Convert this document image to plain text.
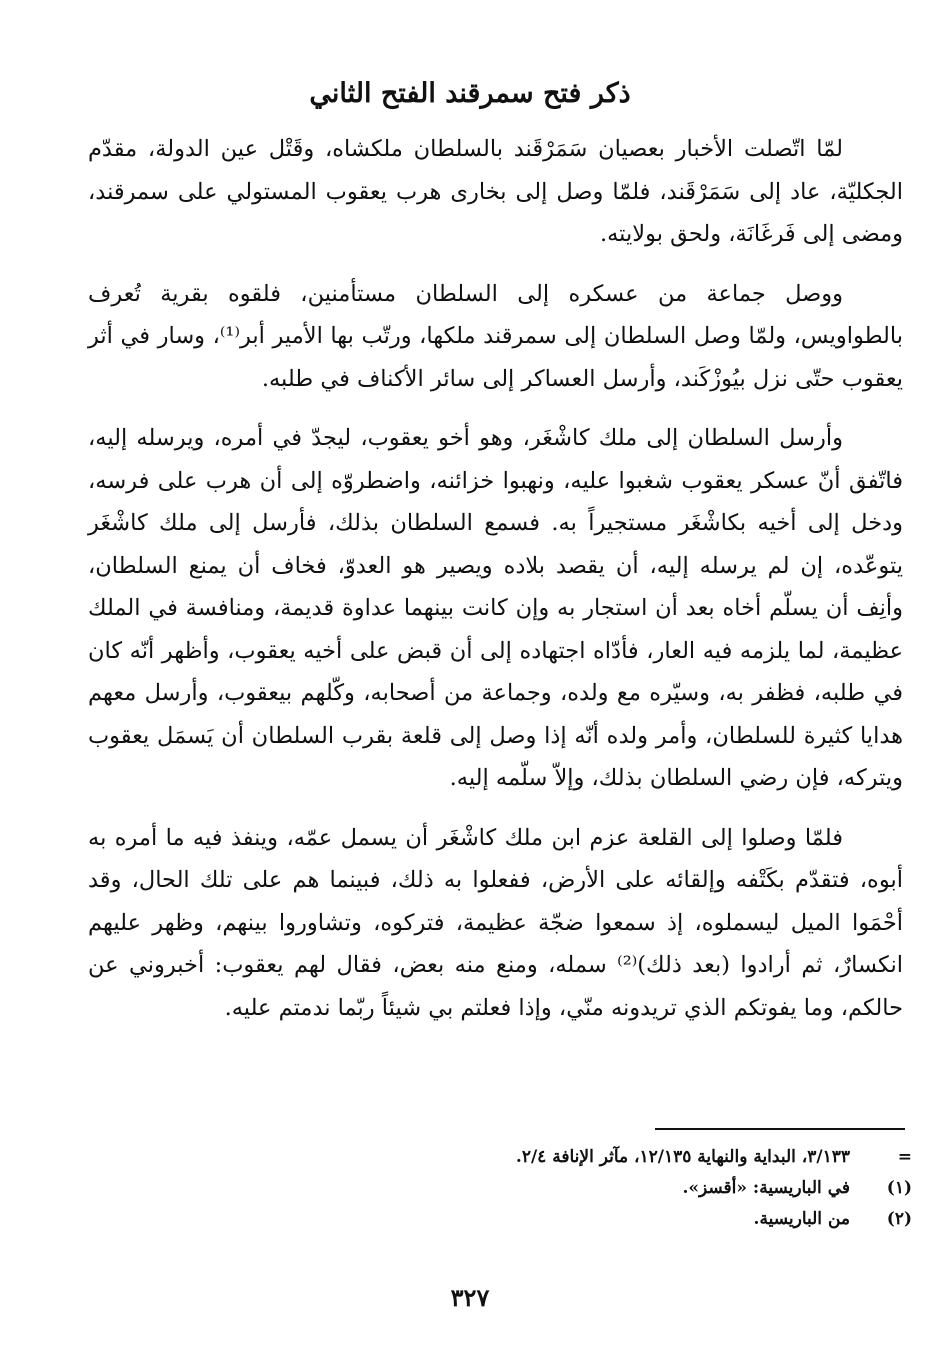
ذكر فتح سمرقند الفتح الثاني

لمّا اتّصلت الأخبار بعصيان سَمَرْقَند بالسلطان ملكشاه، وقَتْل عين الدولة، مقدّم الجكليّة، عاد إلى سَمَرْقَند، فلمّا وصل إلى بخارى هرب يعقوب المستولي على سمرقند، ومضى إلى فَرغَانَة، ولحق بولايته.

ووصل جماعة من عسكره إلى السلطان مستأمنين، فلقوه بقرية تُعرف بالطواويس، ولمّا وصل السلطان إلى سمرقند ملكها، ورتّب بها الأمير أبر⁽¹⁾، وسار في أثر يعقوب حتّى نزل بيُوزْكَند، وأرسل العساكر إلى سائر الأكناف في طلبه.

وأرسل السلطان إلى ملك كاشْغَر، وهو أخو يعقوب، ليجدّ في أمره، ويرسله إليه، فاتّفق أنّ عسكر يعقوب شغبوا عليه، ونهبوا خزائنه، واضطروّه إلى أن هرب على فرسه، ودخل إلى أخيه بكاشْغَر مستجيراً به. فسمع السلطان بذلك، فأرسل إلى ملك كاشْغَر يتوعّده، إن لم يرسله إليه، أن يقصد بلاده ويصير هو العدوّ، فخاف أن يمنع السلطان، وأنِف أن يسلّم أخاه بعد أن استجار به وإن كانت بينهما عداوة قديمة، ومنافسة في الملك عظيمة، لما يلزمه فيه العار، فأدّاه اجتهاده إلى أن قبض على أخيه يعقوب، وأظهر أنّه كان في طلبه، فظفر به، وسيّره مع ولده، وجماعة من أصحابه، وكّلهم بيعقوب، وأرسل معهم هدايا كثيرة للسلطان، وأمر ولده أنّه إذا وصل إلى قلعة بقرب السلطان أن يَسمَل يعقوب ويتركه، فإن رضي السلطان بذلك، وإلاّ سلّمه إليه.

فلمّا وصلوا إلى القلعة عزم ابن ملك كاشْغَر أن يسمل عمّه، وينفذ فيه ما أمره به أبوه، فتقدّم بكَتْفه وإلقائه على الأرض، ففعلوا به ذلك، فبينما هم على تلك الحال، وقد أحْمَوا الميل ليسملوه، إذ سمعوا ضجّة عظيمة، فتركوه، وتشاوروا بينهم، وظهر عليهم انكسارٌ، ثم أرادوا (بعد ذلك)⁽²⁾ سمله، ومنع منه بعض، فقال لهم يعقوب: أخبروني عن حالكم، وما يفوتكم الذي تريدونه منّي، وإذا فعلتم بي شيئاً ربّما ندمتم عليه.

=
٣/١٣٣، البداية والنهاية ١٢/١٣٥، مآثر الإنافة ٢/٤.
(١)
في الباريسية: «أقسز».
(٢)
من الباريسية.
٣٢٧
